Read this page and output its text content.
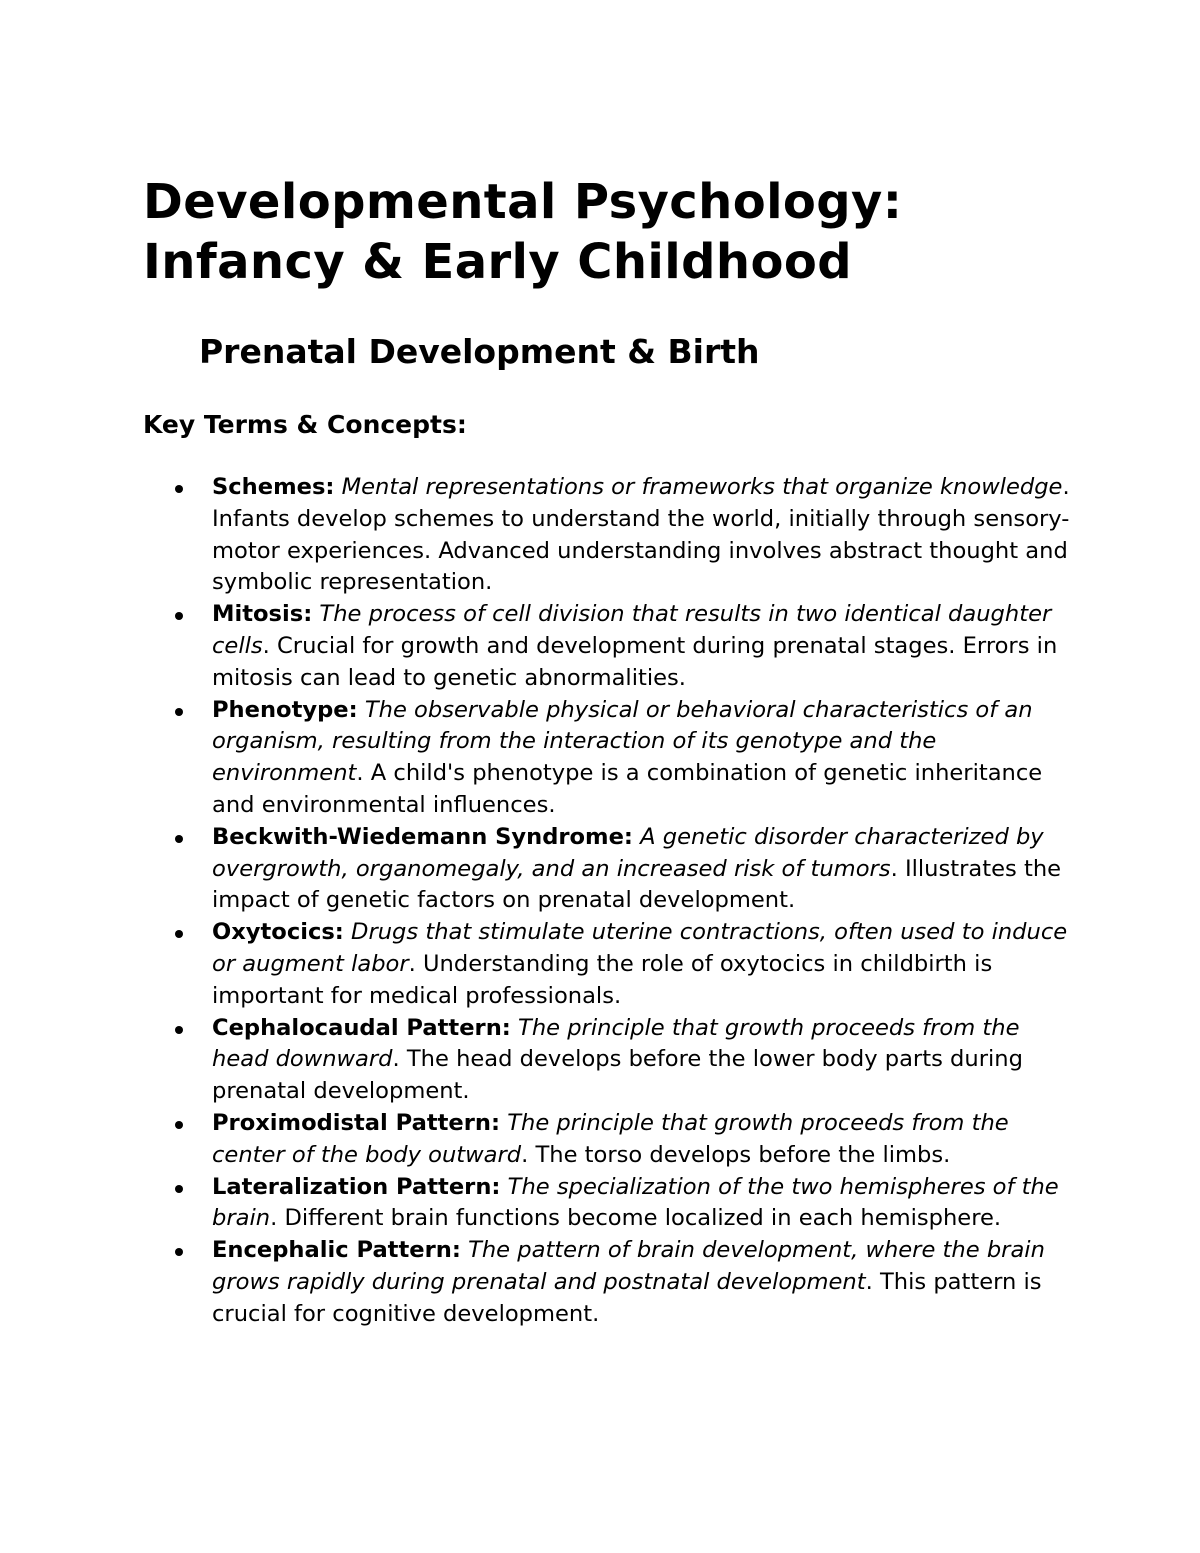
Developmental Psychology:
Infancy & Early Childhood
Prenatal Development & Birth
Key Terms & Concepts:
Schemes: Mental representations or frameworks that organize knowledge. Infants develop schemes to understand the world, initially through sensory-motor experiences. Advanced understanding involves abstract thought and symbolic representation.
Mitosis: The process of cell division that results in two identical daughter cells. Crucial for growth and development during prenatal stages. Errors in mitosis can lead to genetic abnormalities.
Phenotype: The observable physical or behavioral characteristics of an organism, resulting from the interaction of its genotype and the environment. A child's phenotype is a combination of genetic inheritance and environmental influences.
Beckwith-Wiedemann Syndrome: A genetic disorder characterized by overgrowth, organomegaly, and an increased risk of tumors. Illustrates the impact of genetic factors on prenatal development.
Oxytocics: Drugs that stimulate uterine contractions, often used to induce or augment labor. Understanding the role of oxytocics in childbirth is important for medical professionals.
Cephalocaudal Pattern: The principle that growth proceeds from the head downward. The head develops before the lower body parts during prenatal development.
Proximodistal Pattern: The principle that growth proceeds from the center of the body outward. The torso develops before the limbs.
Lateralization Pattern: The specialization of the two hemispheres of the brain. Different brain functions become localized in each hemisphere.
Encephalic Pattern: The pattern of brain development, where the brain grows rapidly during prenatal and postnatal development. This pattern is crucial for cognitive development.
